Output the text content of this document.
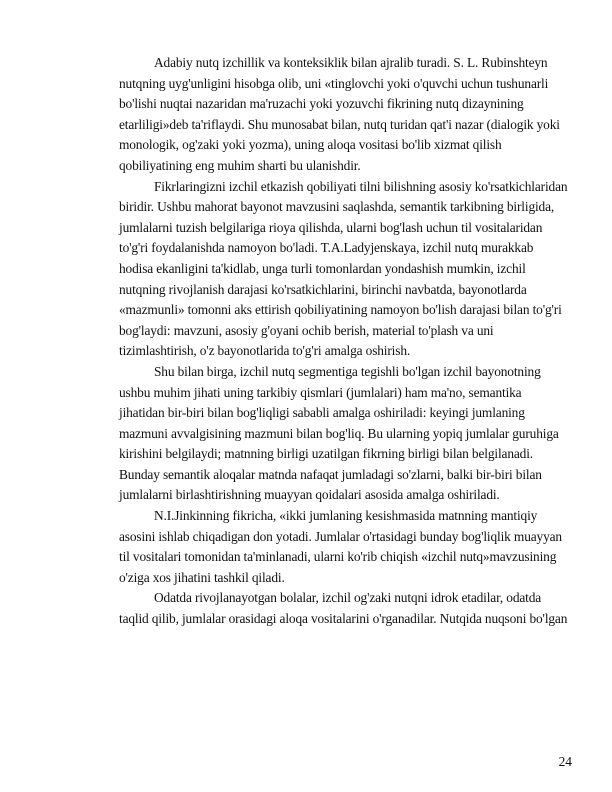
Adabiy nutq izchillik va konteksiklik bilan ajralib turadi. S. L. Rubinshteyn
nutqning uyg'unligini hisobga olib, uni «tinglovchi yoki o'quvchi uchun tushunarli
bo'lishi nuqtai nazaridan ma'ruzachi yoki yozuvchi fikrining nutq dizaynining
etarliligi»deb ta'riflaydi. Shu munosabat bilan, nutq turidan qat'i nazar (dialogik yoki
monologik, og'zaki yoki yozma), uning aloqa vositasi bo'lib xizmat qilish
qobiliyatining eng muhim sharti bu ulanishdir.

Fikrlaringizni izchil etkazish qobiliyati tilni bilishning asosiy ko'rsatkichlaridan
biridir. Ushbu mahorat bayonot mavzusini saqlashda, semantik tarkibning birligida,
jumlalarni tuzish belgilariga rioya qilishda, ularni bog'lash uchun til vositalaridan
to'g'ri foydalanishda namoyon bo'ladi. T.A.Ladyjenskaya, izchil nutq murakkab
hodisa ekanligini ta'kidlab, unga turli tomonlardan yondashish mumkin, izchil
nutqning rivojlanish darajasi ko'rsatkichlarini, birinchi navbatda, bayonotlarda
«mazmunli» tomonni aks ettirish qobiliyatining namoyon bo'lish darajasi bilan to'g'ri
bog'laydi: mavzuni, asosiy g'oyani ochib berish, material to'plash va uni
tizimlashtirish, o'z bayonotlarida to'g'ri amalga oshirish.

Shu bilan birga, izchil nutq segmentiga tegishli bo'lgan izchil bayonotning
ushbu muhim jihati uning tarkibiy qismlari (jumlalari) ham ma'no, semantika
jihatidan bir-biri bilan bog'liqligi sababli amalga oshiriladi: keyingi jumlaning
mazmuni avvalgisining mazmuni bilan bog'liq. Bu ularning yopiq jumlalar guruhiga
kirishini belgilaydi; matnning birligi uzatilgan fikrning birligi bilan belgilanadi.
Bunday semantik aloqalar matnda nafaqat jumladagi so'zlarni, balki bir-biri bilan
jumlalarni birlashtirishning muayyan qoidalari asosida amalga oshiriladi.

N.I.Jinkinning fikricha, «ikki jumlaning kesishmasida matnning mantiqiy
asosini ishlab chiqadigan don yotadi. Jumlalar o'rtasidagi bunday bog'liqlik muayyan
til vositalari tomonidan ta'minlanadi, ularni ko'rib chiqish «izchil nutq»mavzusining
o'ziga xos jihatini tashkil qiladi.

Odatda rivojlanayotgan bolalar, izchil og'zaki nutqni idrok etadilar, odatda
taqlid qilib, jumlalar orasidagi aloqa vositalarini o'rganadilar. Nutqida nuqsoni bo'lgan

24
